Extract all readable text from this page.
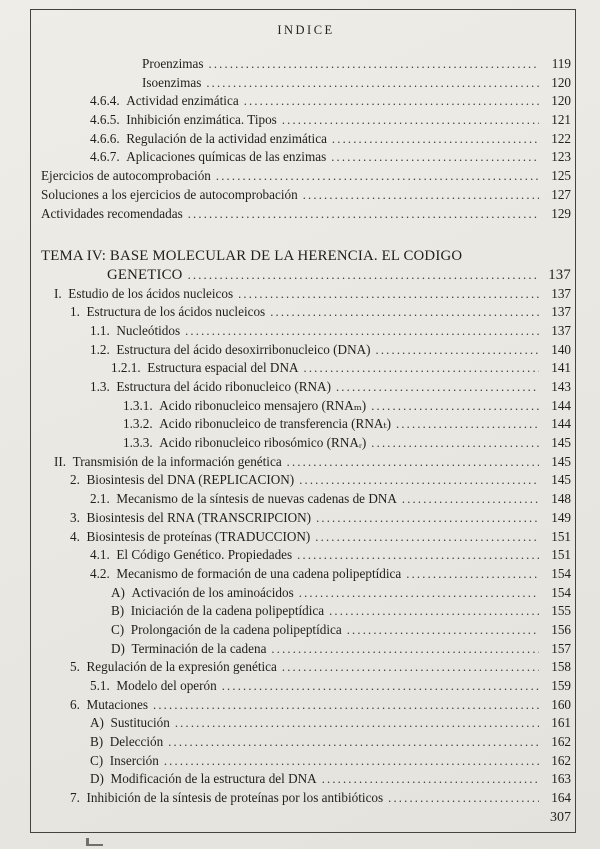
INDICE
Proenzimas .....	119
Isoenzimas .....	120
4.6.4. Actividad enzimática .....	120
4.6.5. Inhibición enzimática. Tipos .....	121
4.6.6. Regulación de la actividad enzimática .....	122
4.6.7. Aplicaciones químicas de las enzimas .....	123
Ejercicios de autocomprobación .....	125
Soluciones a los ejercicios de autocomprobación .....	127
Actividades recomendadas .....	129
TEMA IV: BASE MOLECULAR DE LA HERENCIA. EL CODIGO
GENETICO .....	137
I. Estudio de los ácidos nucleicos .....	137
1. Estructura de los ácidos nucleicos .....	137
1.1. Nucleótidos .....	137
1.2. Estructura del ácido desoxirribonucleico (DNA) .....	140
1.2.1. Estructura espacial del DNA .....	141
1.3. Estructura del ácido ribonucleico (RNA) .....	143
1.3.1. Acido ribonucleico mensajero (RNAₘ) .....	144
1.3.2. Acido ribonucleico de transferencia (RNAₜ) .....	144
1.3.3. Acido ribonucleico ribosómico (RNAᵣ) .....	145
II. Transmisión de la información genética .....	145
2. Biosintesis del DNA (REPLICACION) .....	145
2.1. Mecanismo de la síntesis de nuevas cadenas de DNA .....	148
3. Biosintesis del RNA (TRANSCRIPCION) .....	149
4. Biosintesis de proteínas (TRADUCCION) .....	151
4.1. El Código Genético. Propiedades .....	151
4.2. Mecanismo de formación de una cadena polipeptídica .....	154
A) Activación de los aminoácidos .....	154
B) Iniciación de la cadena polipeptídica .....	155
C) Prolongación de la cadena polipeptídica .....	156
D) Terminación de la cadena .....	157
5. Regulación de la expresión genética .....	158
5.1. Modelo del operón .....	159
6. Mutaciones .....	160
A) Sustitución .....	161
B) Delección .....	162
C) Inserción .....	162
D) Modificación de la estructura del DNA .....	163
7. Inhibición de la síntesis de proteínas por los antibióticos .....	164
307
